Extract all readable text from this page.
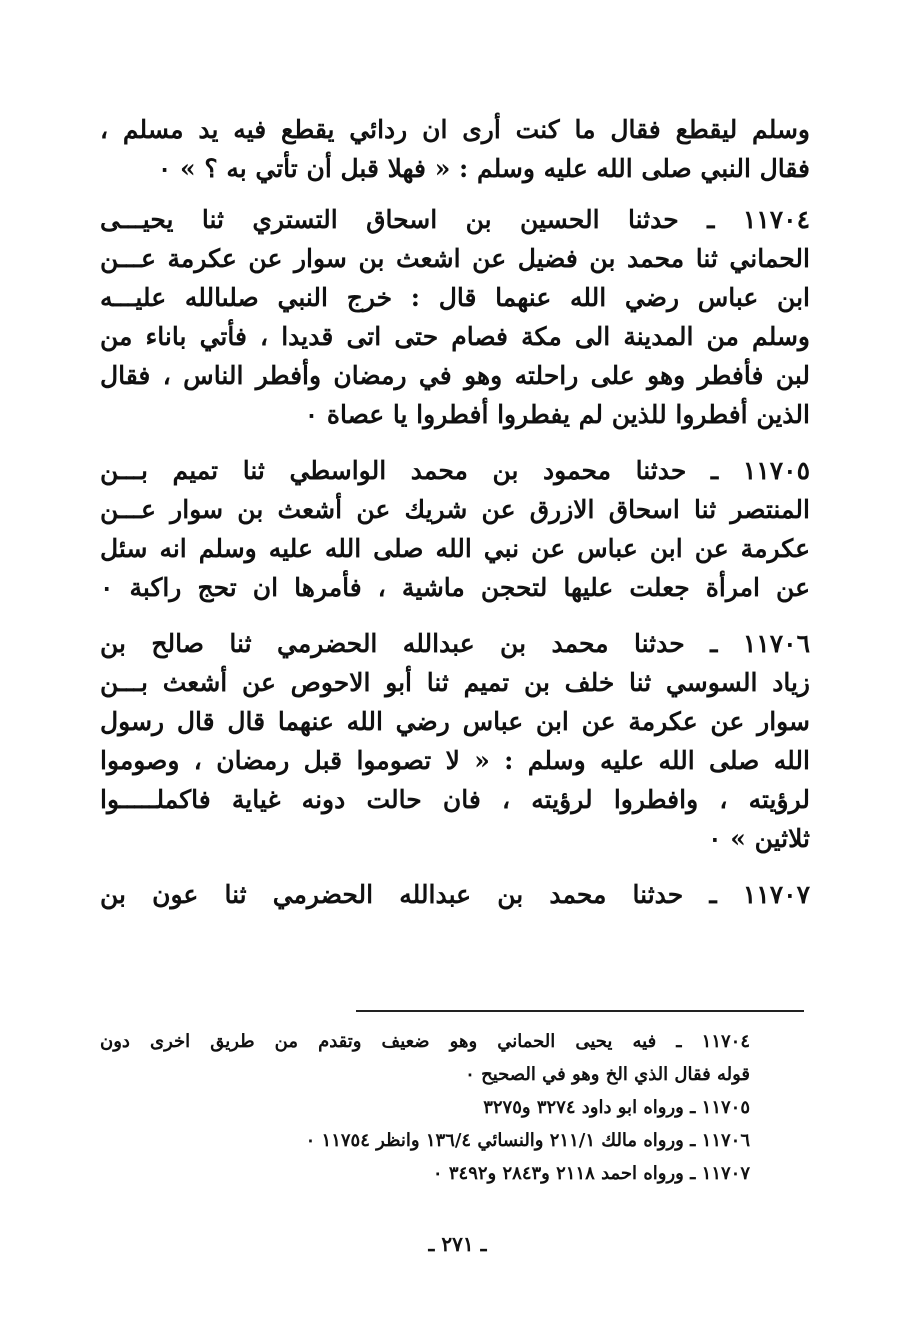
وسلم ليقطع فقال ما كنت أرى ان ردائي يقطع فيه يد مسلم ،
فقال النبي صلى الله عليه وسلم : « فهلا قبل أن تأتي به ؟ » ٠
١١٧٠٤ ـ حدثنا الحسين بن اسحاق التستري ثنا يحيـــى
الحماني ثنا محمد بن فضيل عن اشعث بن سوار عن عكرمة عـــن
ابن عباس رضي الله عنهما قال : خرج النبي صلىالله عليـــه
وسلم من المدينة الى مكة فصام حتى اتى قديدا ، فأتي باناء من
لبن فأفطر وهو على راحلته وهو في رمضان وأفطر الناس ، فقال
الذين أفطروا للذين لم يفطروا أفطروا يا عصاة ٠
١١٧٠٥ ـ حدثنا محمود بن محمد الواسطي ثنا تميم بـــن
المنتصر ثنا اسحاق الازرق عن شريك عن أشعث بن سوار عـــن
عكرمة عن ابن عباس عن نبي الله صلى الله عليه وسلم انه سئل
عن امرأة جعلت عليها لتحجن ماشية ، فأمرها ان تحج راكبة ٠
١١٧٠٦ ـ حدثنا محمد بن عبدالله الحضرمي ثنا صالح بن
زياد السوسي ثنا خلف بن تميم ثنا أبو الاحوص عن أشعث بـــن
سوار عن عكرمة عن ابن عباس رضي الله عنهما قال قال رسول
الله صلى الله عليه وسلم : « لا تصوموا قبل رمضان ، وصوموا
لرؤيته ، وافطروا لرؤيته ، فان حالت دونه غياية فاكملـــــوا
ثلاثين » ٠
١١٧٠٧ ـ حدثنا محمد بن عبدالله الحضرمي ثنا عون بن
١١٧٠٤ ـ فيه يحيى الحماني وهو ضعيف وتقدم من طريق اخرى دون
قوله فقال الذي الخ وهو في الصحيح ٠
١١٧٠٥ ـ ورواه ابو داود ٣٢٧٤ و٣٢٧٥
١١٧٠٦ ـ ورواه مالك ٢١١/١ والنسائي ١٣٦/٤ وانظر ١١٧٥٤ ٠
١١٧٠٧ ـ ورواه احمد ٢١١٨ و٢٨٤٣ و٣٤٩٢ ٠
ـ ٢٧١ ـ
